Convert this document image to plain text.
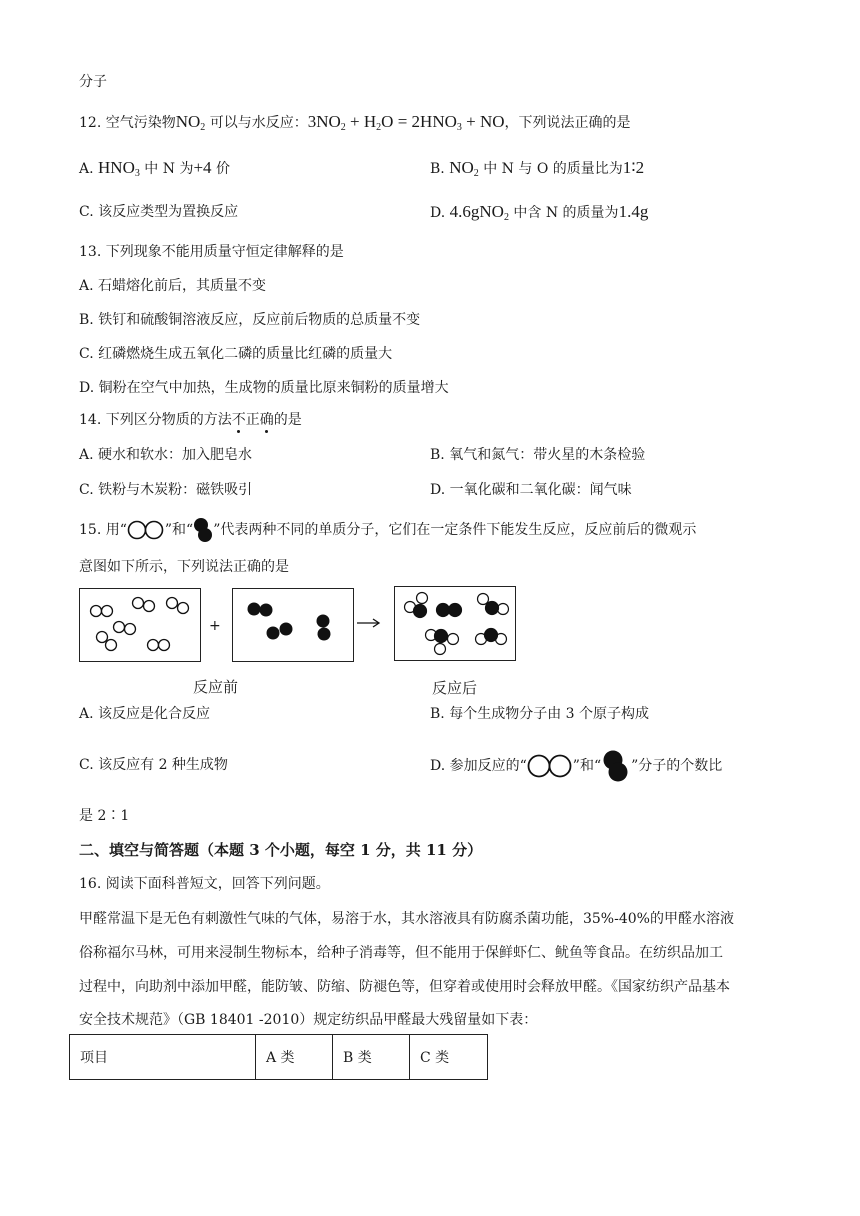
分子
12. 空气污染物$NO_2$ 可以与水反应：$3NO_2 + H_2O = 2HNO_3$ + NO，下列说法正确的是
A. $HNO_3$ 中 N 为+4 价	B. $NO_2$ 中 N 与 O 的质量比为1∶2
C. 该反应类型为置换反应	D. 4.6gNO$_2$ 中含 N 的质量为1.4g
13. 下列现象不能用质量守恒定律解释的是
A. 石蜡熔化前后，其质量不变
B. 铁钉和硫酸铜溶液反应，反应前后物质的总质量不变
C. 红磷燃烧生成五氧化二磷的质量比红磷的质量大
D. 铜粉在空气中加热，生成物的质量比原来铜粉的质量增大
14. 下列区分物质的方法不正确的是
A. 硬水和软水：加入肥皂水	B. 氧气和氮气：带火星的木条检验
C. 铁粉与木炭粉：磁铁吸引	D. 一氧化碳和二氧化碳：闻气味
15. 用“	”和“ ”代表两种不同的单质分子，它们在一定条件下能发生反应，反应前后的微观示
意图如下所示，下列说法正确的是
+
反应前	反应后
A. 该反应是化合反应	B. 每个生成物分子由 3 个原子构成
C. 该反应有 2 种生成物	D. 参加反应的“	”和“ ”分子的个数比
是 2∶1
二、填空与简答题（本题 3 个小题，每空 1 分，共 11 分）
16. 阅读下面科普短文，回答下列问题。
甲醛常温下是无色有刺激性气味的气体，易溶于水，其水溶液具有防腐杀菌功能，35%-40%的甲醛水溶液
俗称福尔马林，可用来浸制生物标本，给种子消毒等，但不能用于保鲜虾仁、鱿鱼等食品。在纺织品加工
过程中，向助剂中添加甲醛，能防皱、防缩、防褪色等，但穿着或使用时会释放甲醛。《国家纺织产品基本
安全技术规范》（GB 18401 -2010）规定纺织品甲醛最大残留量如下表：
项目	A 类	B 类	C 类
